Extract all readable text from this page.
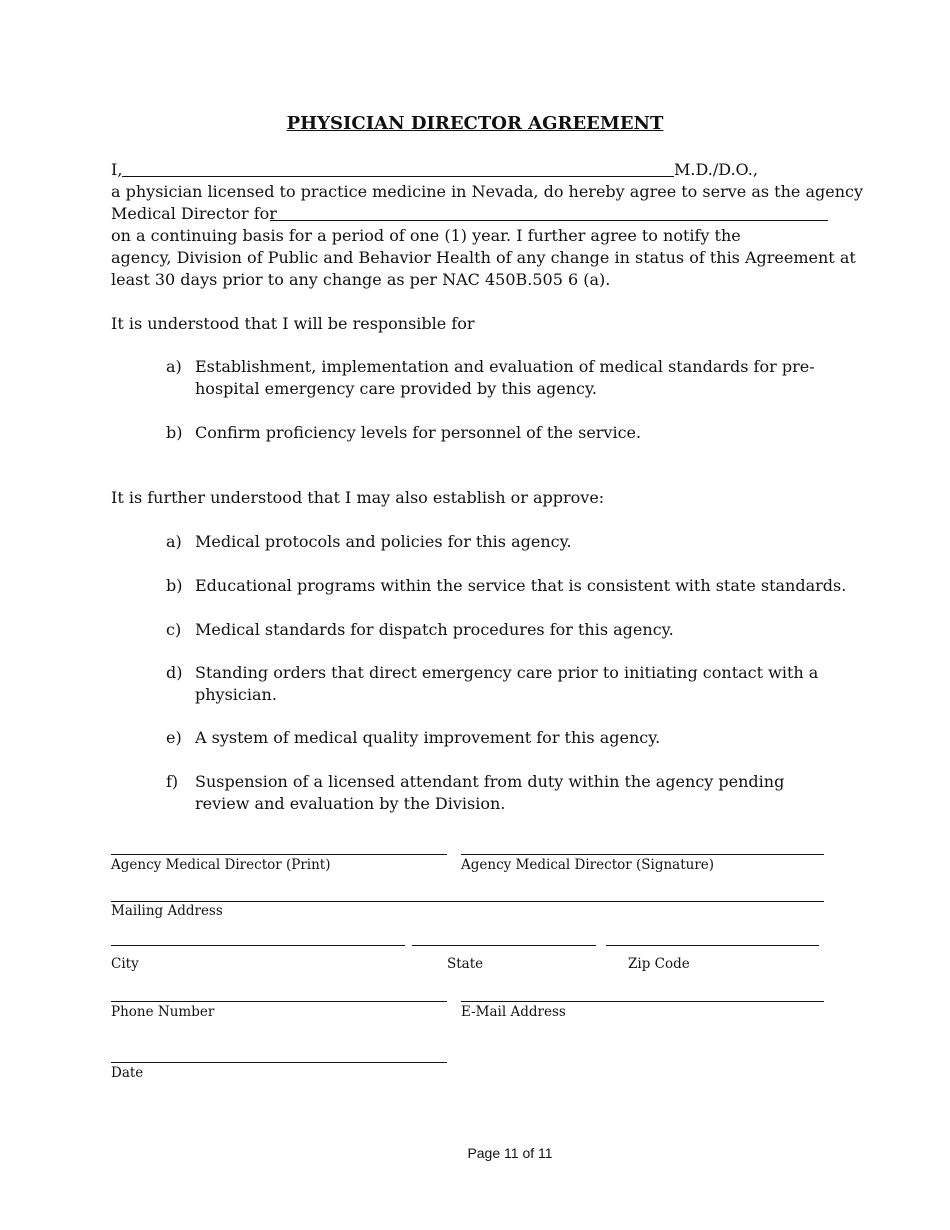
PHYSICIAN DIRECTOR AGREEMENT
I,	M.D./D.O.,
a physician licensed to practice medicine in Nevada, do hereby agree to serve as the agency
Medical Director for
on a continuing basis for a period of one (1) year. I further agree to notify the
agency, Division of Public and Behavior Health of any change in status of this Agreement at
least 30 days prior to any change as per NAC 450B.505 6 (a).
It is understood that I will be responsible for
a) Establishment, implementation and evaluation of medical standards for pre-
hospital emergency care provided by this agency.
b) Confirm proficiency levels for personnel of the service.
It is further understood that I may also establish or approve:
a) Medical protocols and policies for this agency.
b) Educational programs within the service that is consistent with state standards.
c) Medical standards for dispatch procedures for this agency.
d) Standing orders that direct emergency care prior to initiating contact with a
physician.
e) A system of medical quality improvement for this agency.
f) Suspension of a licensed attendant from duty within the agency pending
review and evaluation by the Division.
Agency Medical Director (Print)	Agency Medical Director (Signature)
Mailing Address
City	State	Zip Code
Phone Number	E-Mail Address
Date
Page 11 of 11
